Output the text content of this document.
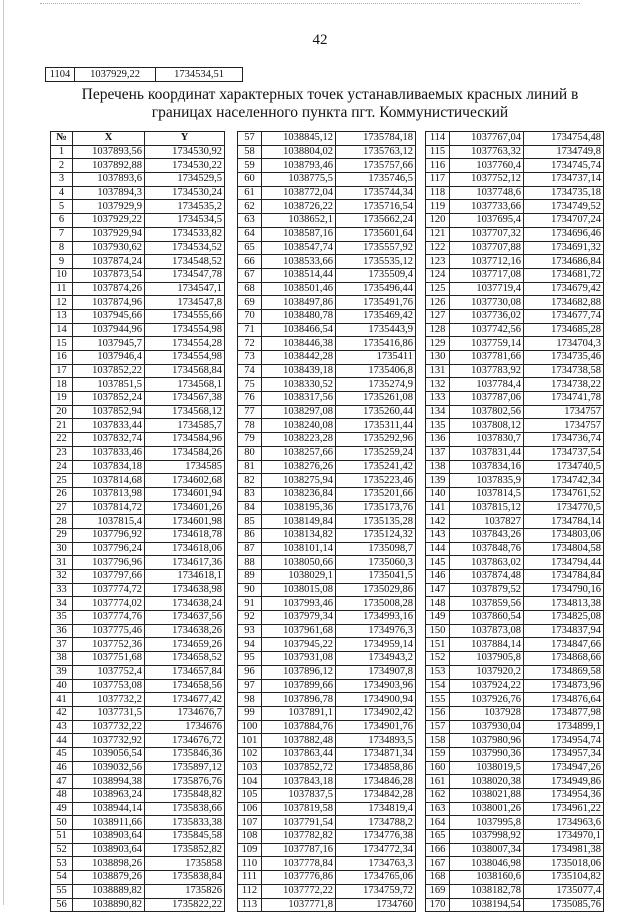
42
1104	1037929,22	1734534,51
Перечень координат характерных точек устанавливаемых красных линий в границах населенного пункта пгт. Коммунистический
№	X	Y
1	1037893,56	1734530,92
2	1037892,88	1734530,22
3	1037893,6	1734529,5
4	1037894,3	1734530,24
5	1037929,9	1734535,2
6	1037929,22	1734534,5
7	1037929,94	1734533,82
8	1037930,62	1734534,52
9	1037874,24	1734548,52
10	1037873,54	1734547,78
11	1037874,26	1734547,1
12	1037874,96	1734547,8
13	1037945,66	1734555,66
14	1037944,96	1734554,98
15	1037945,7	1734554,28
16	1037946,4	1734554,98
17	1037852,22	1734568,84
18	1037851,5	1734568,1
19	1037852,24	1734567,38
20	1037852,94	1734568,12
21	1037833,44	1734585,7
22	1037832,74	1734584,96
23	1037833,46	1734584,26
24	1037834,18	1734585
25	1037814,68	1734602,68
26	1037813,98	1734601,94
27	1037814,72	1734601,26
28	1037815,4	1734601,98
29	1037796,92	1734618,78
30	1037796,24	1734618,06
31	1037796,96	1734617,36
32	1037797,66	1734618,1
33	1037774,72	1734638,98
34	1037774,02	1734638,24
35	1037774,76	1734637,56
36	1037775,46	1734638,26
37	1037752,36	1734659,26
38	1037751,68	1734658,52
39	1037752,4	1734657,84
40	1037753,08	1734658,56
41	1037732,2	1734677,42
42	1037731,5	1734676,7
43	1037732,22	1734676
44	1037732,92	1734676,72
45	1039056,54	1735846,36
46	1039032,56	1735897,12
47	1038994,38	1735876,76
48	1038963,24	1735848,82
49	1038944,14	1735838,66
50	1038911,66	1735833,38
51	1038903,64	1735845,58
52	1038903,64	1735852,82
53	1038898,26	1735858
54	1038879,26	1735838,84
55	1038889,82	1735826
56	1038890,82	1735822,22
57	1038845,12	1735784,18
58	1038804,02	1735763,12
59	1038793,46	1735757,66
60	1038775,5	1735746,5
61	1038772,04	1735744,34
62	1038726,22	1735716,54
63	1038652,1	1735662,24
64	1038587,16	1735601,64
65	1038547,74	1735557,92
66	1038533,66	1735535,12
67	1038514,44	1735509,4
68	1038501,46	1735496,44
69	1038497,86	1735491,76
70	1038480,78	1735469,42
71	1038466,54	1735443,9
72	1038446,38	1735416,86
73	1038442,28	1735411
74	1038439,18	1735406,8
75	1038330,52	1735274,9
76	1038317,56	1735261,08
77	1038297,08	1735260,44
78	1038240,08	1735311,44
79	1038223,28	1735292,96
80	1038257,66	1735259,24
81	1038276,26	1735241,42
82	1038275,94	1735223,46
83	1038236,84	1735201,66
84	1038195,36	1735173,76
85	1038149,84	1735135,28
86	1038134,82	1735124,32
87	1038101,14	1735098,7
88	1038050,66	1735060,3
89	1038029,1	1735041,5
90	1038015,08	1735029,86
91	1037993,46	1735008,28
92	1037979,34	1734993,16
93	1037961,68	1734976,3
94	1037945,22	1734959,14
95	1037931,08	1734943,2
96	1037896,12	1734907,8
97	1037899,66	1734903,96
98	1037896,78	1734900,94
99	1037891,1	1734902,42
100	1037884,76	1734901,76
101	1037882,48	1734893,5
102	1037863,44	1734871,34
103	1037852,72	1734858,86
104	1037843,18	1734846,28
105	1037837,5	1734842,28
106	1037819,58	1734819,4
107	1037791,54	1734788,2
108	1037782,82	1734776,38
109	1037787,16	1734772,34
110	1037778,84	1734763,3
111	1037776,86	1734765,06
112	1037772,22	1734759,72
113	1037771,8	1734760
114	1037767,04	1734754,48
115	1037763,32	1734749,8
116	1037760,4	1734745,74
117	1037752,12	1734737,14
118	1037748,6	1734735,18
119	1037733,66	1734749,52
120	1037695,4	1734707,24
121	1037707,32	1734696,46
122	1037707,88	1734691,32
123	1037712,16	1734686,84
124	1037717,08	1734681,72
125	1037719,4	1734679,42
126	1037730,08	1734682,88
127	1037736,02	1734677,74
128	1037742,56	1734685,28
129	1037759,14	1734704,3
130	1037781,66	1734735,46
131	1037783,92	1734738,58
132	1037784,4	1734738,22
133	1037787,06	1734741,78
134	1037802,56	1734757
135	1037808,12	1734757
136	1037830,7	1734736,74
137	1037831,44	1734737,54
138	1037834,16	1734740,5
139	1037835,9	1734742,34
140	1037814,5	1734761,52
141	1037815,12	1734770,5
142	1037827	1734784,14
143	1037843,26	1734803,06
144	1037848,76	1734804,58
145	1037863,02	1734794,44
146	1037874,48	1734784,84
147	1037879,52	1734790,16
148	1037859,56	1734813,38
149	1037860,54	1734825,08
150	1037873,08	1734837,94
151	1037884,14	1734847,66
152	1037905,8	1734868,66
153	1037920,2	1734869,58
154	1037924,22	1734873,96
155	1037926,76	1734876,64
156	1037928	1734877,98
157	1037930,04	1734899,1
158	1037980,96	1734954,74
159	1037990,36	1734957,34
160	1038019,5	1734947,26
161	1038020,38	1734949,86
162	1038021,88	1734954,36
163	1038001,26	1734961,22
164	1037995,8	1734963,6
165	1037998,92	1734970,1
166	1038007,34	1734981,38
167	1038046,98	1735018,06
168	1038160,6	1735104,82
169	1038182,78	1735077,4
170	1038194,54	1735085,76
